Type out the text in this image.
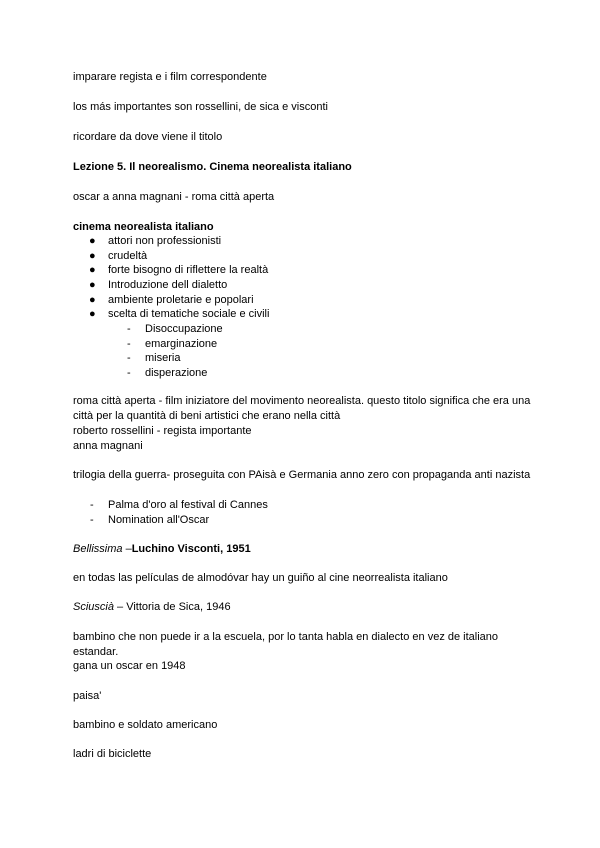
imparare regista e i film correspondente
los más importantes son rossellini, de sica e visconti
ricordare da dove viene il titolo
Lezione 5. Il neorealismo. Cinema neorealista italiano
oscar a anna magnani - roma città aperta
cinema neorealista italiano
● attori non professionisti
● crudeltà
● forte bisogno di riflettere la realtà
● Introduzione dell dialetto
● ambiente proletarie e popolari
● scelta di tematiche sociale e civili
- Disoccupazione
- emarginazione
- miseria
- disperazione
roma città aperta - film iniziatore del movimento neorealista. questo titolo significa che era una città per la quantità di beni artistici che erano nella città
roberto rossellini - regista importante
anna magnani
trilogia della guerra- proseguita con PAisà e Germania anno zero con propaganda anti nazista
- Palma d'oro al festival di Cannes
- Nomination all'Oscar
Bellissima –Luchino Visconti, 1951
en todas las películas de almodóvar hay un guiño al cine neorrealista italiano
Sciuscià – Vittoria de Sica, 1946
bambino che non puede ir a la escuela, por lo tanta habla en dialecto en vez de italiano estandar.
gana un oscar en 1948
paisa'
bambino e soldato americano
ladri di biciclette
